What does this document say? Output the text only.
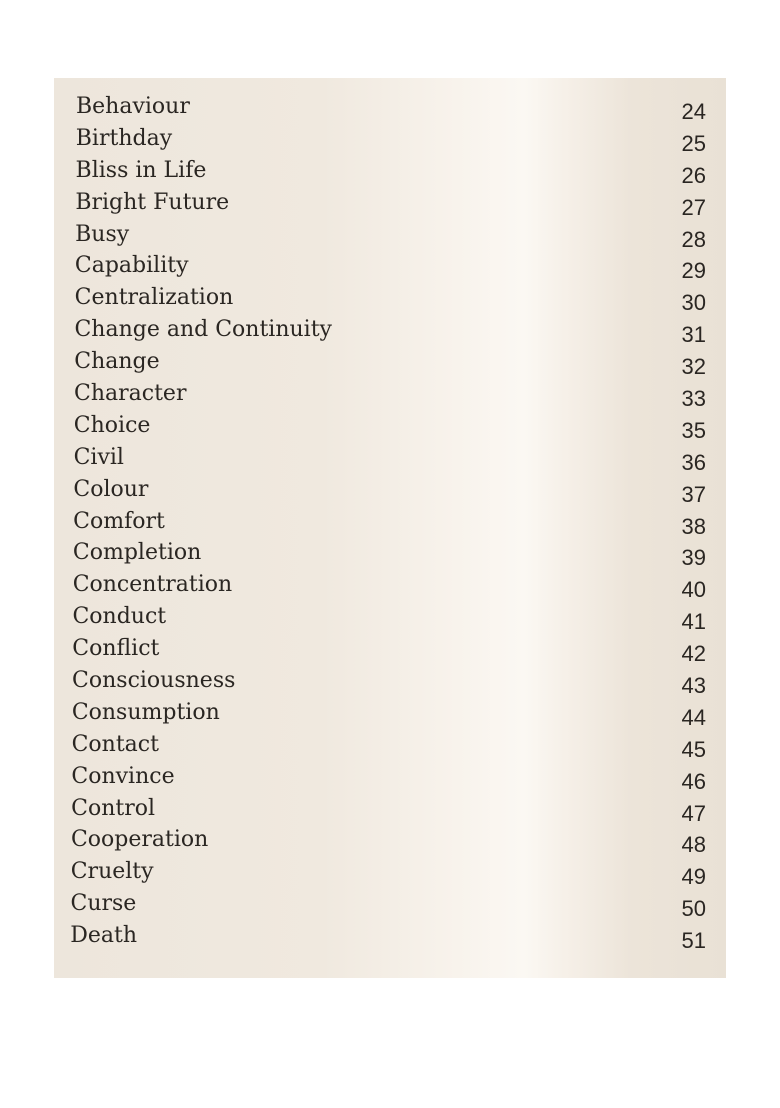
Behaviour	24
Birthday	25
Bliss in Life	26
Bright Future	27
Busy	28
Capability	29
Centralization	30
Change and Continuity	31
Change	32
Character	33
Choice	35
Civil	36
Colour	37
Comfort	38
Completion	39
Concentration	40
Conduct	41
Conflict	42
Consciousness	43
Consumption	44
Contact	45
Convince	46
Control	47
Cooperation	48
Cruelty	49
Curse	50
Death	51
